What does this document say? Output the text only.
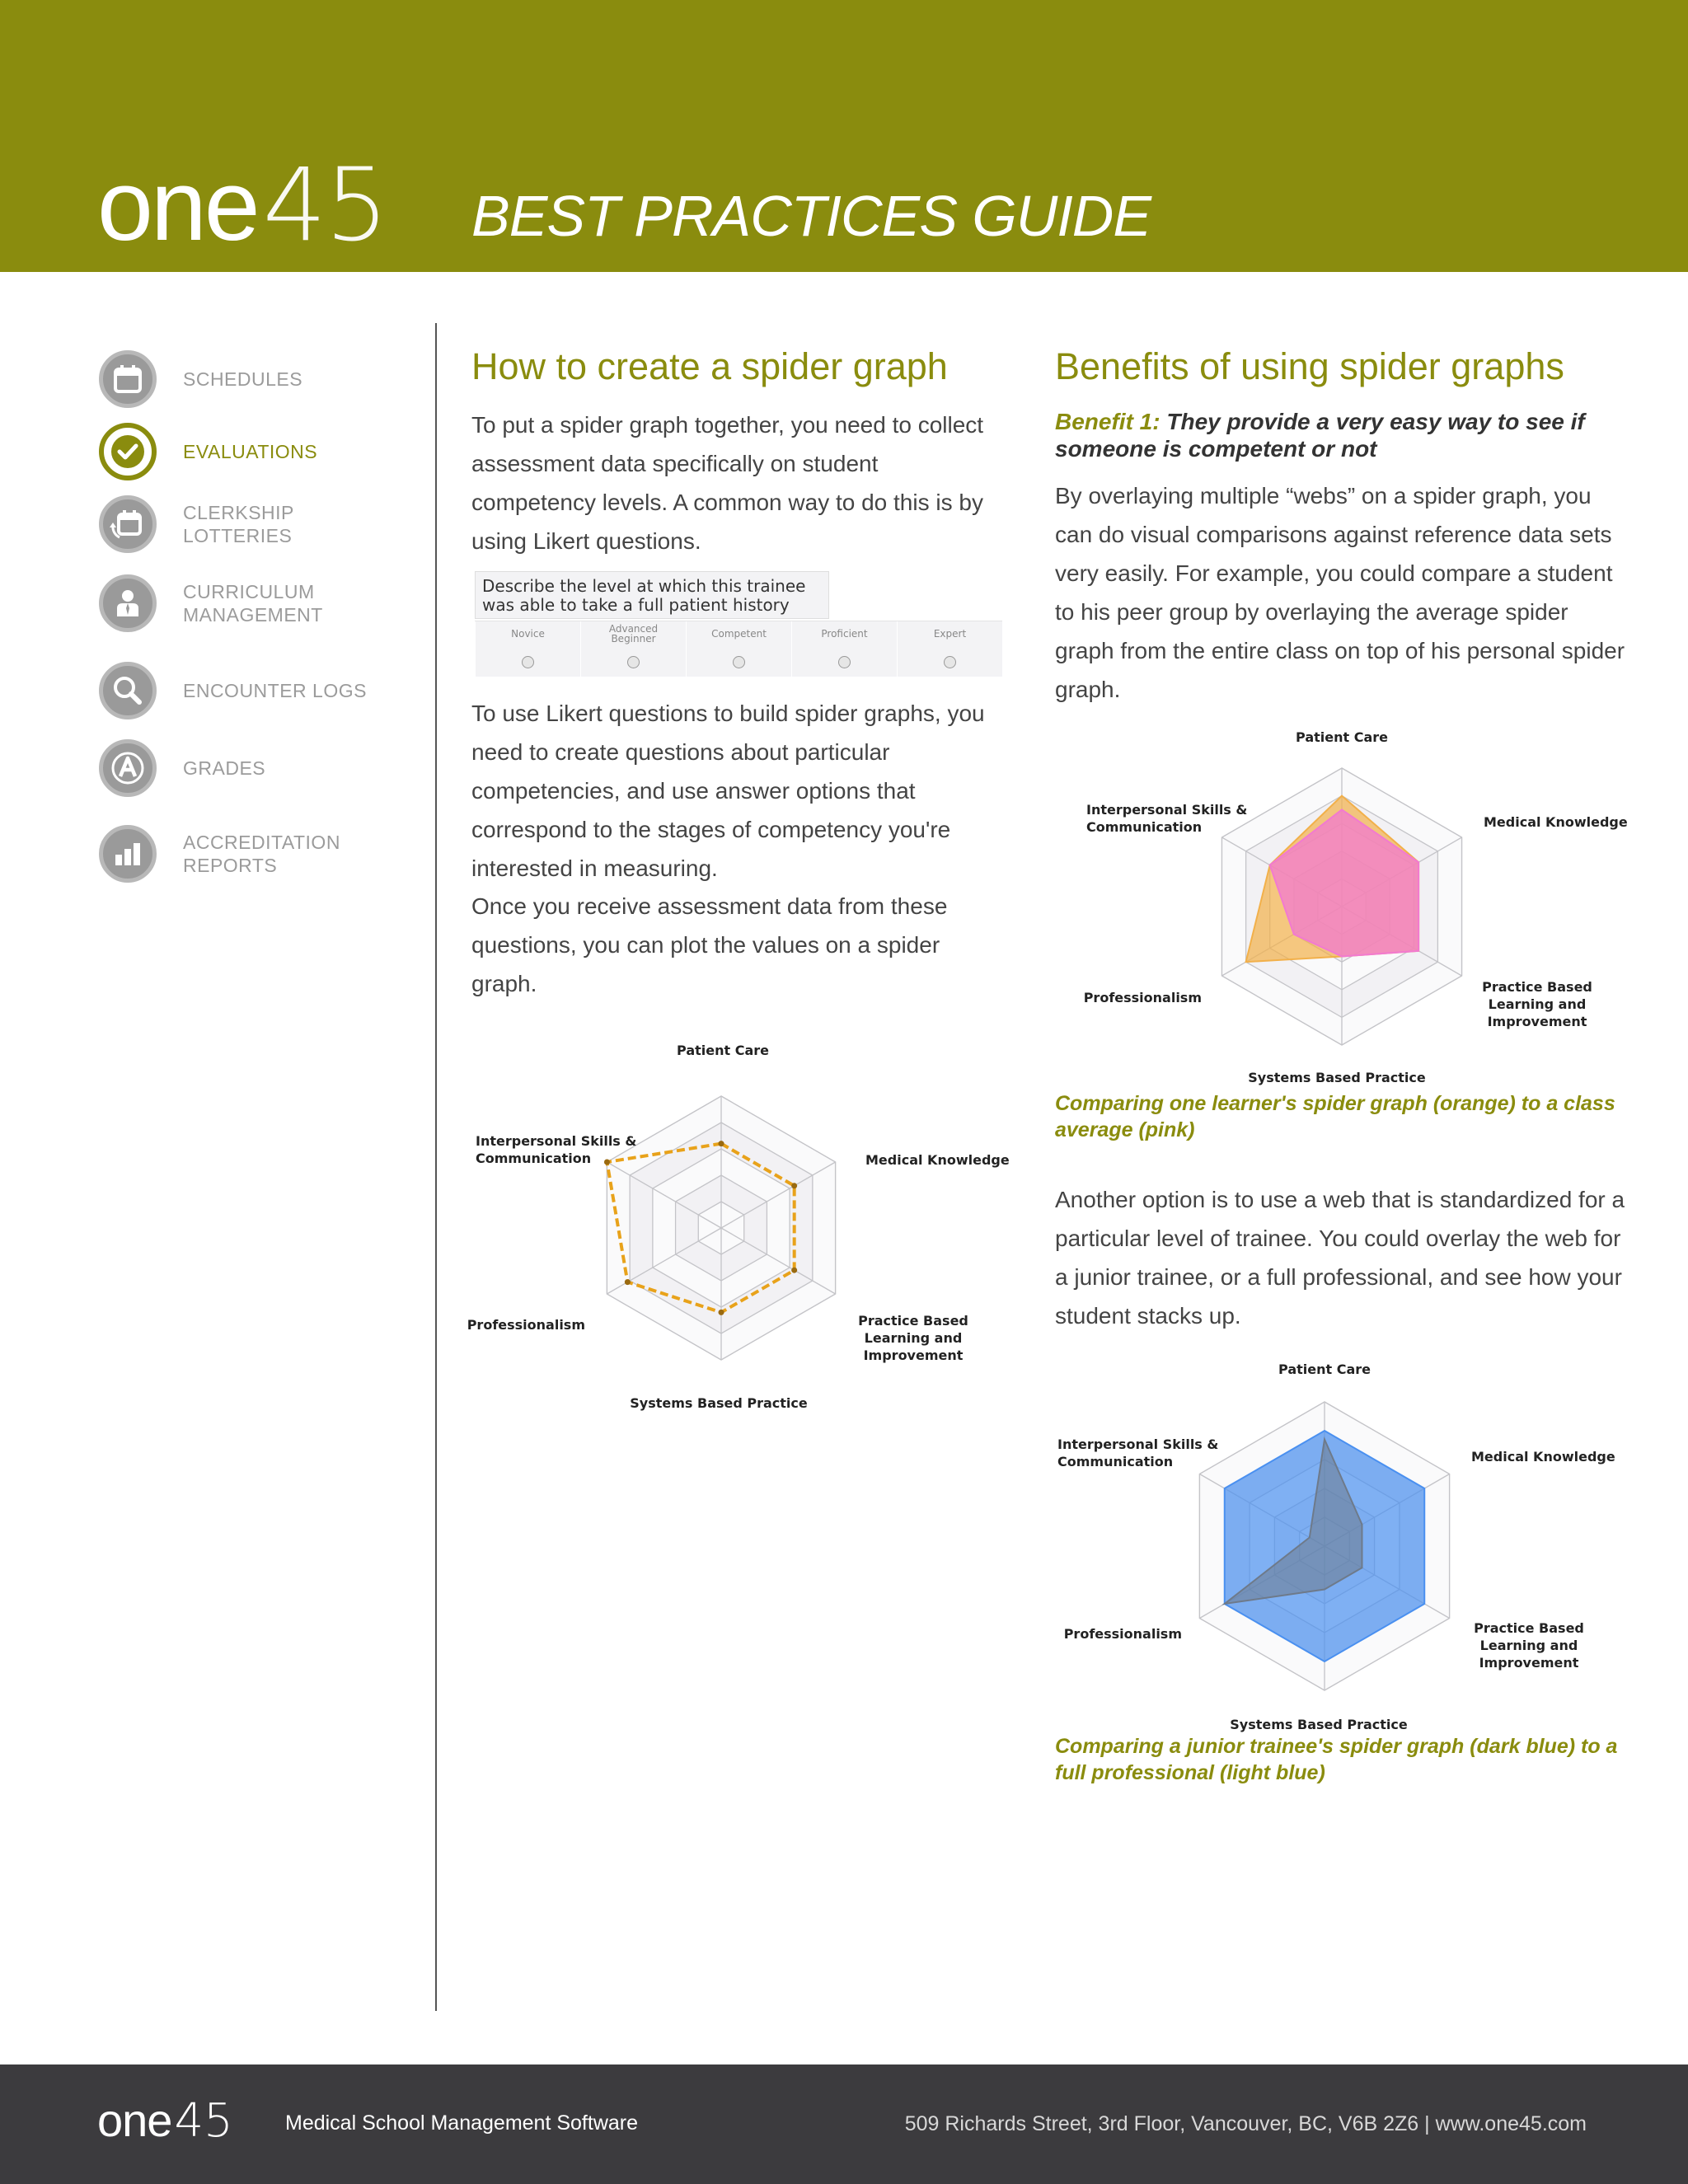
one45 BEST PRACTICES GUIDE
SCHEDULES
EVALUATIONS
CLERKSHIP LOTTERIES
CURRICULUM MANAGEMENT
ENCOUNTER LOGS
GRADES
ACCREDITATION REPORTS
How to create a spider graph

To put a spider graph together, you need to collect assessment data specifically on student competency levels. A common way to do this is by using Likert questions.

To use Likert questions to build spider graphs, you need to create questions about particular competencies, and use answer options that correspond to the stages of competency you're interested in measuring.

Once you receive assessment data from these questions, you can plot the values on a spider graph.

Describe the level at which this trainee was able to take a full patient history
Novice	Advanced Beginner	Competent	Proficient	Expert
Benefits of using spider graphs

Benefit 1: They provide a very easy way to see if someone is competent or not

By overlaying multiple “webs” on a spider graph, you can do visual comparisons against reference data sets very easily. For example, you could compare a student to his peer group by overlaying the average spider graph from the entire class on top of his personal spider graph.

Comparing one learner's spider graph (orange) to a class average (pink)

Another option is to use a web that is standardized for a particular level of trainee. You could overlay the web for a junior trainee, or a full professional, and see how your student stacks up.

Comparing a junior trainee's spider graph (dark blue) to a full professional (light blue)

Patient Care
Medical Knowledge
Practice Based Learning and Improvement
Systems Based Practice
Professionalism
Interpersonal Skills & Communication
Patient Care
Medical Knowledge
Practice Based Learning and Improvement
Systems Based Practice
Professionalism
Interpersonal Skills & Communication
Patient Care
Medical Knowledge
Practice Based Learning and Improvement
Systems Based Practice
Professionalism
Interpersonal Skills & Communication
one45	Medical School Management Software	509 Richards Street, 3rd Floor, Vancouver, BC, V6B 2Z6 | www.one45.com
